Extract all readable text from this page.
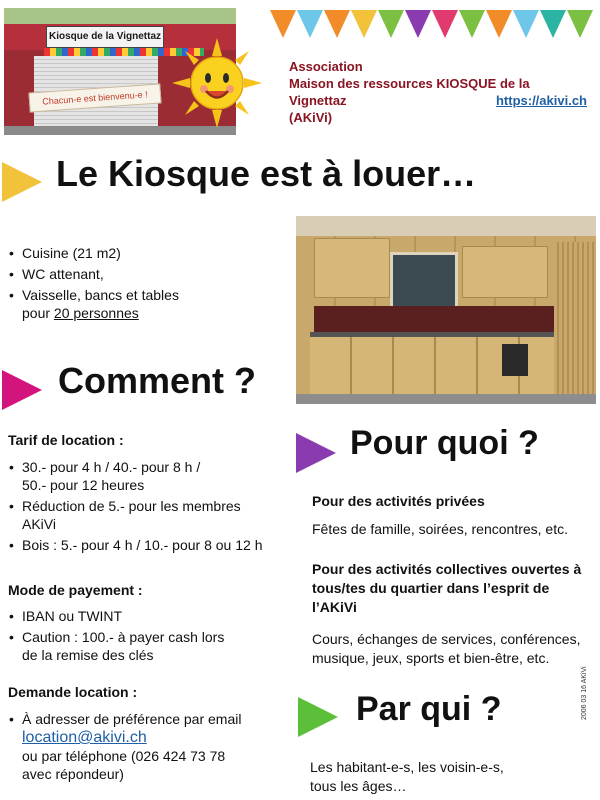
Kiosque de la Vignettaz
Chacun-e est bienvenu-e !
Association
Maison des ressources KIOSQUE de la Vignettaz
(AKiVi)
https://akivi.ch
Le Kiosque est à louer…
• Cuisine (21 m2)
• WC attenant,
• Vaisselle, bancs et tables
pour 20 personnes
Comment ?
Tarif de location :
• 30.- pour 4 h / 40.- pour 8 h /
50.- pour 12 heures
• Réduction de 5.- pour les membres
AKiVi
• Bois : 5.- pour 4 h / 10.- pour 8 ou 12 h
Mode de payement :
• IBAN ou TWINT
• Caution : 100.- à payer cash lors
de la remise des clés
Demande location :
• À adresser de préférence par email
location@akivi.ch
ou par téléphone (026 424 73 78
avec répondeur)
Pour quoi ?
Pour des activités privées
Fêtes de famille, soirées, rencontres, etc.
Pour des activités collectives ouvertes à tous/tes du quartier dans l’esprit de l’AKiVi
Cours, échanges de services, conférences, musique, jeux, sports et bien-être, etc.
Par qui ?
Les habitant-e-s, les voisin-e-s,
tous les âges…
2006 03 16 AKiVi
